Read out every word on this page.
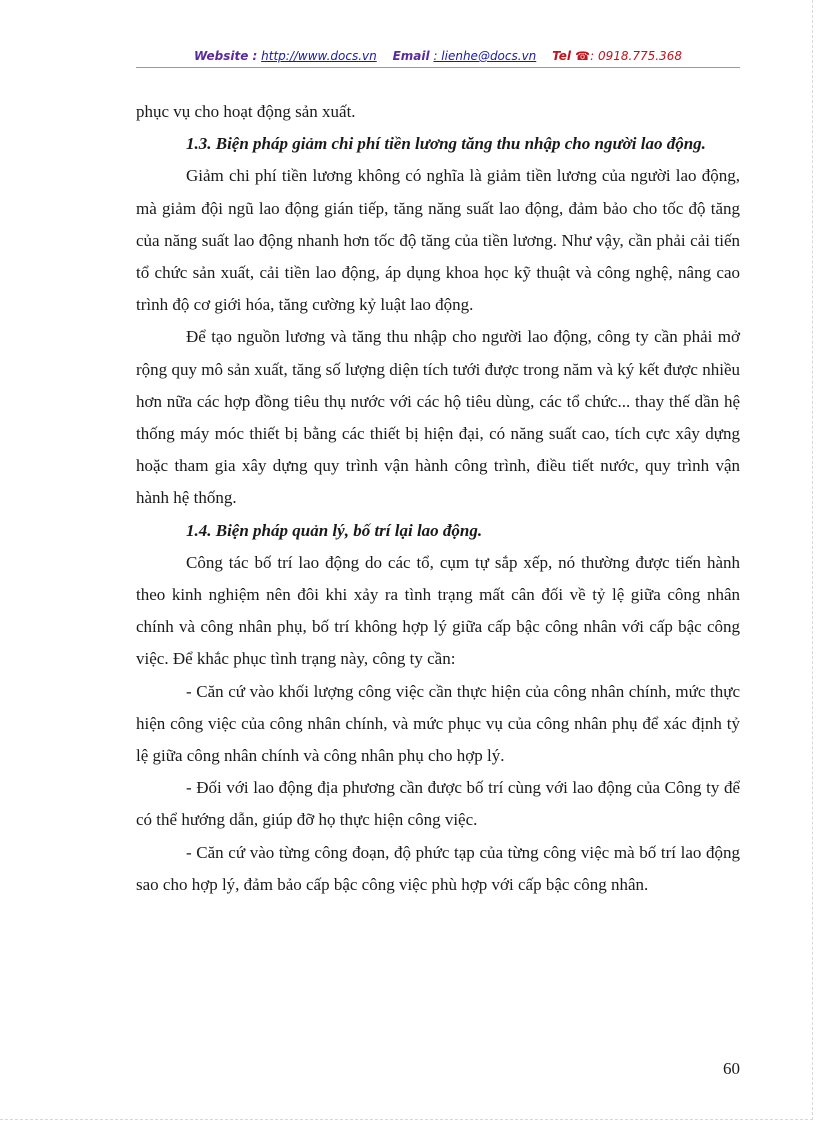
Website : http://www.docs.vn Email : lienhe@docs.vn Tel ☎: 0918.775.368

phục vụ cho hoạt động sản xuất.

1.3. Biện pháp giảm chi phí tiền lương tăng thu nhập cho người lao động.

Giảm chi phí tiền lương không có nghĩa là giảm tiền lương của người lao động, mà giảm đội ngũ lao động gián tiếp, tăng năng suất lao động, đảm bảo cho tốc độ tăng của năng suất lao động nhanh hơn tốc độ tăng của tiền lương. Như vậy, cần phải cải tiến tổ chức sản xuất, cải tiền lao động, áp dụng khoa học kỹ thuật và công nghệ, nâng cao trình độ cơ giới hóa, tăng cường kỷ luật lao động.

Để tạo nguồn lương và tăng thu nhập cho người lao động, công ty cần phải mở rộng quy mô sản xuất, tăng số lượng diện tích tưới được trong năm và ký kết được nhiều hơn nữa các hợp đồng tiêu thụ nước với các hộ tiêu dùng, các tổ chức... thay thế dần hệ thống máy móc thiết bị bằng các thiết bị hiện đại, có năng suất cao, tích cực xây dựng hoặc tham gia xây dựng quy trình vận hành công trình, điều tiết nước, quy trình vận hành hệ thống.

1.4. Biện pháp quản lý, bố trí lại lao động.

Công tác bố trí lao động do các tổ, cụm tự sắp xếp, nó thường được tiến hành theo kinh nghiệm nên đôi khi xảy ra tình trạng mất cân đối về tỷ lệ giữa công nhân chính và công nhân phụ, bố trí không hợp lý giữa cấp bậc công nhân với cấp bậc công việc. Để khắc phục tình trạng này, công ty cần:

- Căn cứ vào khối lượng công việc cần thực hiện của công nhân chính, mức thực hiện công việc của công nhân chính, và mức phục vụ của công nhân phụ để xác định tỷ lệ giữa công nhân chính và công nhân phụ cho hợp lý.

- Đối với lao động địa phương cần được bố trí cùng với lao động của Công ty để có thể hướng dẫn, giúp đỡ họ thực hiện công việc.

- Căn cứ vào từng công đoạn, độ phức tạp của từng công việc mà bố trí lao động sao cho hợp lý, đảm bảo cấp bậc công việc phù hợp với cấp bậc công nhân.

60
